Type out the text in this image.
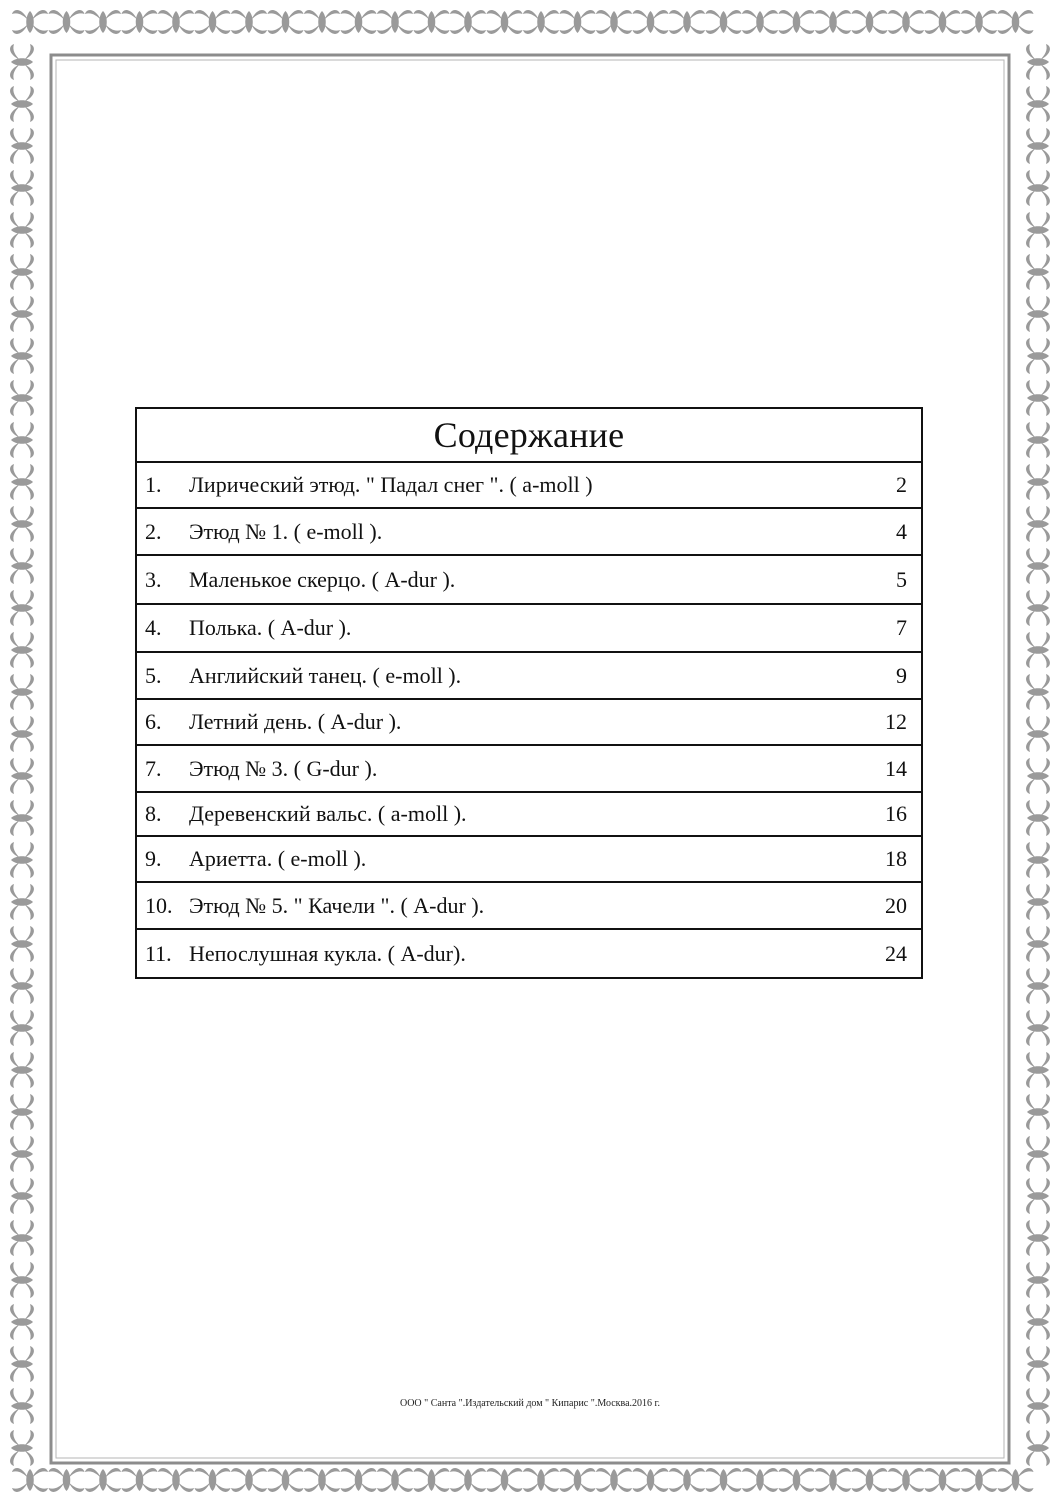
Содержание		
1.	Лирический этюд. " Падал снег ". ( a-moll )	2
2.	Этюд № 1. ( e-moll ).	4
3.	Маленькое скерцо. ( A-dur ).	5
4.	Полька. ( A-dur ).	7
5.	Английский танец. ( e-moll ).	9
6.	Летний день. ( A-dur ).	12
7.	Этюд № 3. ( G-dur ).	14
8.	Деревенский вальс. ( a-moll ).	16
9.	Ариетта. ( e-moll ).	18
10.	Этюд № 5. " Качели ". ( A-dur ).	20
11.	Непослушная кукла. ( A-dur).	24
ООО " Санта ".Издательский дом " Кипарис ".Москва.2016 г.
